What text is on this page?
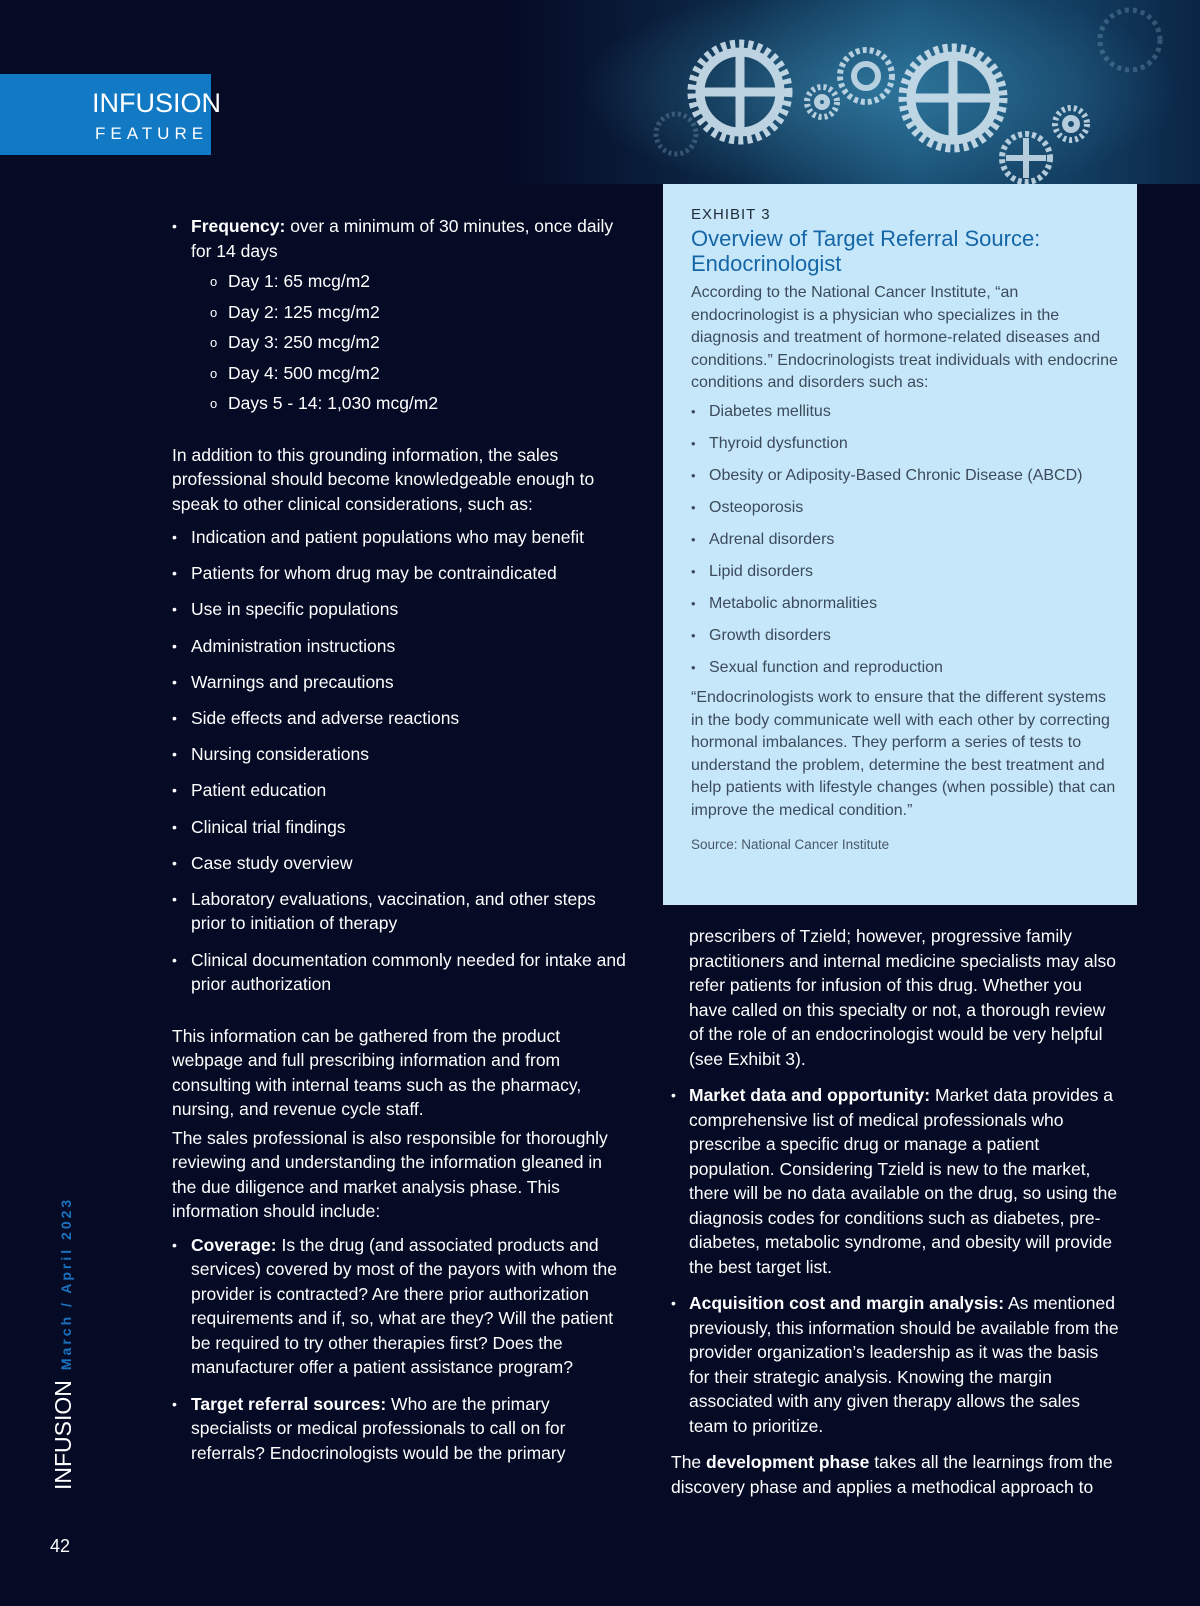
INFUSION
FEATURE
• Frequency: over a minimum of 30 minutes, once daily for 14 days
o Day 1: 65 mcg/m2
o Day 2: 125 mcg/m2
o Day 3: 250 mcg/m2
o Day 4: 500 mcg/m2
o Days 5 - 14: 1,030 mcg/m2

In addition to this grounding information, the sales professional should become knowledgeable enough to speak to other clinical considerations, such as:

• Indication and patient populations who may benefit
• Patients for whom drug may be contraindicated
• Use in specific populations
• Administration instructions
• Warnings and precautions
• Side effects and adverse reactions
• Nursing considerations
• Patient education
• Clinical trial findings
• Case study overview
• Laboratory evaluations, vaccination, and other steps prior to initiation of therapy
• Clinical documentation commonly needed for intake and prior authorization

This information can be gathered from the product webpage and full prescribing information and from consulting with internal teams such as the pharmacy, nursing, and revenue cycle staff.

The sales professional is also responsible for thoroughly reviewing and understanding the information gleaned in the due diligence and market analysis phase. This information should include:

• Coverage: Is the drug (and associated products and services) covered by most of the payors with whom the provider is contracted? Are there prior authorization requirements and if, so, what are they? Will the patient be required to try other therapies first? Does the manufacturer offer a patient assistance program?
• Target referral sources: Who are the primary specialists or medical professionals to call on for referrals? Endocrinologists would be the primary
EXHIBIT 3
Overview of Target Referral Source: Endocrinologist

According to the National Cancer Institute, “an endocrinologist is a physician who specializes in the diagnosis and treatment of hormone-related diseases and conditions.” Endocrinologists treat individuals with endocrine conditions and disorders such as:

• Diabetes mellitus
• Thyroid dysfunction
• Obesity or Adiposity-Based Chronic Disease (ABCD)
• Osteoporosis
• Adrenal disorders
• Lipid disorders
• Metabolic abnormalities
• Growth disorders
• Sexual function and reproduction

“Endocrinologists work to ensure that the different systems in the body communicate well with each other by correcting hormonal imbalances. They perform a series of tests to understand the problem, determine the best treatment and help patients with lifestyle changes (when possible) that can improve the medical condition.”

Source: National Cancer Institute

prescribers of Tzield; however, progressive family practitioners and internal medicine specialists may also refer patients for infusion of this drug. Whether you have called on this specialty or not, a thorough review of the role of an endocrinologist would be very helpful (see Exhibit 3).

• Market data and opportunity: Market data provides a comprehensive list of medical professionals who prescribe a specific drug or manage a patient population. Considering Tzield is new to the market, there will be no data available on the drug, so using the diagnosis codes for conditions such as diabetes, pre-diabetes, metabolic syndrome, and obesity will provide the best target list.
• Acquisition cost and margin analysis: As mentioned previously, this information should be available from the provider organization’s leadership as it was the basis for their strategic analysis. Knowing the margin associated with any given therapy allows the sales team to prioritize.

The development phase takes all the learnings from the discovery phase and applies a methodical approach to

INFUSIONMarch / April 2023
42
